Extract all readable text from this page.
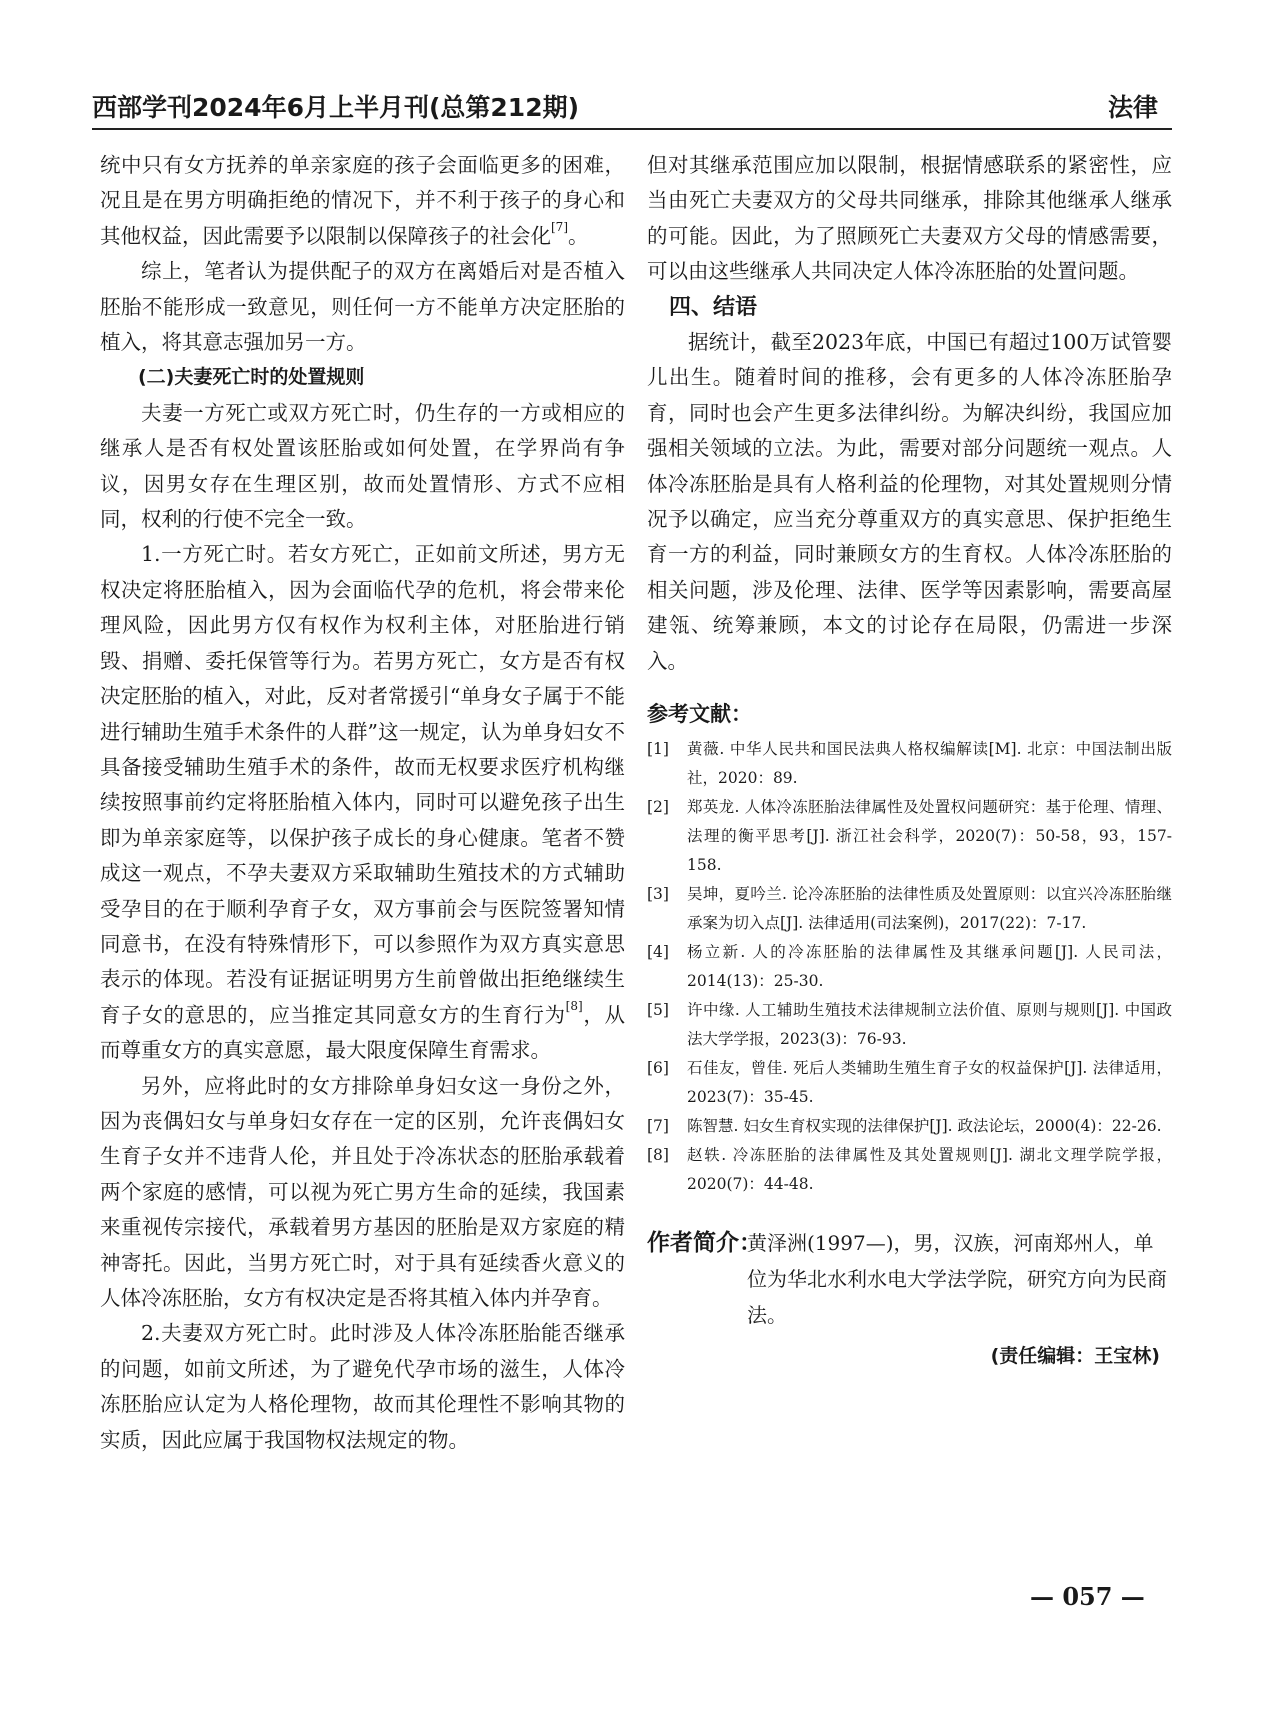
西部学刊2024年6月上半月刊(总第212期)	法律

统中只有女方抚养的单亲家庭的孩子会面临更多的困难，况且是在男方明确拒绝的情况下，并不利于孩子的身心和其他权益，因此需要予以限制以保障孩子的社会化[7]。

综上，笔者认为提供配子的双方在离婚后对是否植入胚胎不能形成一致意见，则任何一方不能单方决定胚胎的植入，将其意志强加另一方。

(二)夫妻死亡时的处置规则

夫妻一方死亡或双方死亡时，仍生存的一方或相应的继承人是否有权处置该胚胎或如何处置，在学界尚有争议，因男女存在生理区别，故而处置情形、方式不应相同，权利的行使不完全一致。

1.一方死亡时。若女方死亡，正如前文所述，男方无权决定将胚胎植入，因为会面临代孕的危机，将会带来伦理风险，因此男方仅有权作为权利主体，对胚胎进行销毁、捐赠、委托保管等行为。若男方死亡，女方是否有权决定胚胎的植入，对此，反对者常援引“单身女子属于不能进行辅助生殖手术条件的人群”这一规定，认为单身妇女不具备接受辅助生殖手术的条件，故而无权要求医疗机构继续按照事前约定将胚胎植入体内，同时可以避免孩子出生即为单亲家庭等，以保护孩子成长的身心健康。笔者不赞成这一观点，不孕夫妻双方采取辅助生殖技术的方式辅助受孕目的在于顺利孕育子女，双方事前会与医院签署知情同意书，在没有特殊情形下，可以参照作为双方真实意思表示的体现。若没有证据证明男方生前曾做出拒绝继续生育子女的意思的，应当推定其同意女方的生育行为[8]，从而尊重女方的真实意愿，最大限度保障生育需求。

另外，应将此时的女方排除单身妇女这一身份之外，因为丧偶妇女与单身妇女存在一定的区别，允许丧偶妇女生育子女并不违背人伦，并且处于冷冻状态的胚胎承载着两个家庭的感情，可以视为死亡男方生命的延续，我国素来重视传宗接代，承载着男方基因的胚胎是双方家庭的精神寄托。因此，当男方死亡时，对于具有延续香火意义的人体冷冻胚胎，女方有权决定是否将其植入体内并孕育。

2.夫妻双方死亡时。此时涉及人体冷冻胚胎能否继承的问题，如前文所述，为了避免代孕市场的滋生，人体冷冻胚胎应认定为人格伦理物，故而其伦理性不影响其物的实质，因此应属于我国物权法规定的物。

但对其继承范围应加以限制，根据情感联系的紧密性，应当由死亡夫妻双方的父母共同继承，排除其他继承人继承的可能。因此，为了照顾死亡夫妻双方父母的情感需要，可以由这些继承人共同决定人体冷冻胚胎的处置问题。

四、结语

据统计，截至2023年底，中国已有超过100万试管婴儿出生。随着时间的推移，会有更多的人体冷冻胚胎孕育，同时也会产生更多法律纠纷。为解决纠纷，我国应加强相关领域的立法。为此，需要对部分问题统一观点。人体冷冻胚胎是具有人格利益的伦理物，对其处置规则分情况予以确定，应当充分尊重双方的真实意思、保护拒绝生育一方的利益，同时兼顾女方的生育权。人体冷冻胚胎的相关问题，涉及伦理、法律、医学等因素影响，需要高屋建瓴、统筹兼顾，本文的讨论存在局限，仍需进一步深入。

参考文献：

[1] 黄薇. 中华人民共和国民法典人格权编解读[M]. 北京：中国法制出版社，2020：89.

[2] 郑英龙. 人体冷冻胚胎法律属性及处置权问题研究：基于伦理、情理、法理的衡平思考[J]. 浙江社会科学，2020(7)：50-58，93，157-158.

[3] 吴坤，夏吟兰. 论冷冻胚胎的法律性质及处置原则：以宜兴冷冻胚胎继承案为切入点[J]. 法律适用(司法案例)，2017(22)：7-17.

[4] 杨立新. 人的冷冻胚胎的法律属性及其继承问题[J]. 人民司法，2014(13)：25-30.

[5] 许中缘. 人工辅助生殖技术法律规制立法价值、原则与规则[J]. 中国政法大学学报，2023(3)：76-93.

[6] 石佳友，曾佳. 死后人类辅助生殖生育子女的权益保护[J]. 法律适用，2023(7)：35-45.

[7] 陈智慧. 妇女生育权实现的法律保护[J]. 政法论坛，2000(4)：22-26.

[8] 赵轶. 冷冻胚胎的法律属性及其处置规则[J]. 湖北文理学院学报，2020(7)：44-48.

作者简介：
黄泽洲(1997—)，男，汉族，河南郑州人，单位为华北水利水电大学法学院，研究方向为民商法。
(责任编辑：王宝林)
— 057 —
